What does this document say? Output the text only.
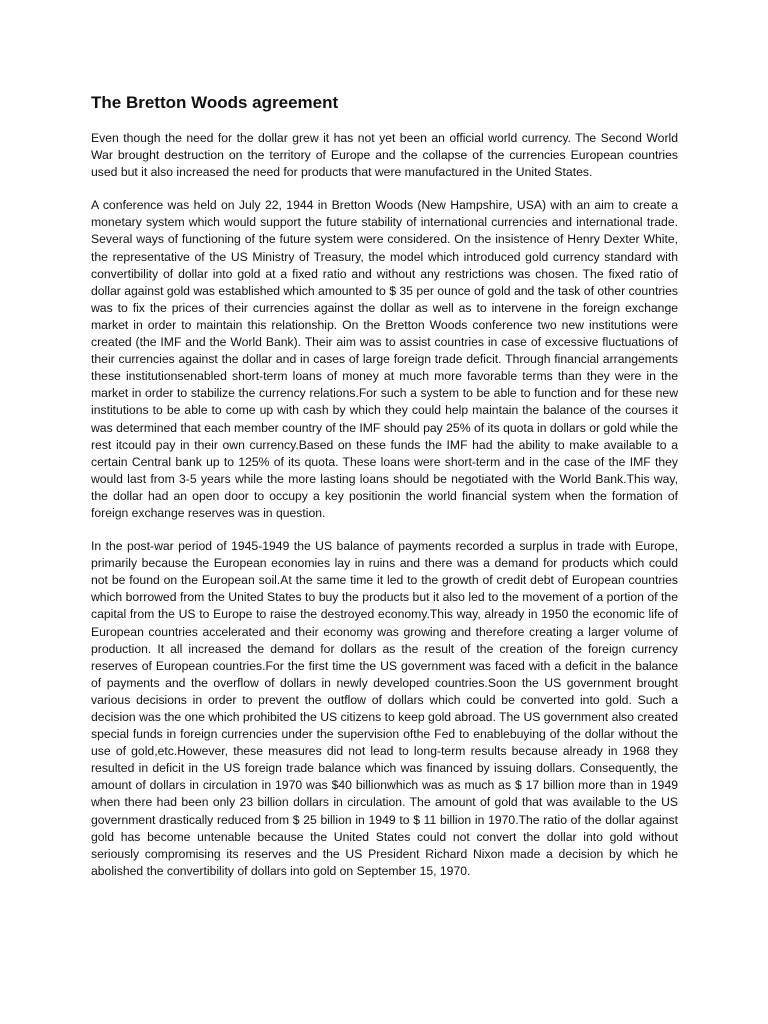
The Bretton Woods agreement

Even though the need for the dollar grew it has not yet been an official world currency. The Second World War brought destruction on the territory of Europe and the collapse of the currencies European countries used but it also increased the need for products that were manufactured in the United States.

A conference was held on July 22, 1944 in Bretton Woods (New Hampshire, USA) with an aim to create a monetary system which would support the future stability of international currencies and international trade. Several ways of functioning of the future system were considered. On the insistence of Henry Dexter White, the representative of the US Ministry of Treasury, the model which introduced gold currency standard with convertibility of dollar into gold at a fixed ratio and without any restrictions was chosen. The fixed ratio of dollar against gold was established which amounted to $ 35 per ounce of gold and the task of other countries was to fix the prices of their currencies against the dollar as well as to intervene in the foreign exchange market in order to maintain this relationship. On the Bretton Woods conference two new institutions were created (the IMF and the World Bank). Their aim was to assist countries in case of excessive fluctuations of their currencies against the dollar and in cases of large foreign trade deficit. Through financial arrangements these institutionsenabled short-term loans of money at much more favorable terms than they were in the market in order to stabilize the currency relations.For such a system to be able to function and for these new institutions to be able to come up with cash by which they could help maintain the balance of the courses it was determined that each member country of the IMF should pay 25% of its quota in dollars or gold while the rest itcould pay in their own currency.Based on these funds the IMF had the ability to make available to a certain Central bank up to 125% of its quota. These loans were short-term and in the case of the IMF they would last from 3-5 years while the more lasting loans should be negotiated with the World Bank.This way, the dollar had an open door to occupy a key positionin the world financial system when the formation of foreign exchange reserves was in question.

In the post-war period of 1945-1949 the US balance of payments recorded a surplus in trade with Europe, primarily because the European economies lay in ruins and there was a demand for products which could not be found on the European soil.At the same time it led to the growth of credit debt of European countries which borrowed from the United States to buy the products but it also led to the movement of a portion of the capital from the US to Europe to raise the destroyed economy.This way, already in 1950 the economic life of European countries accelerated and their economy was growing and therefore creating a larger volume of production. It all increased the demand for dollars as the result of the creation of the foreign currency reserves of European countries.For the first time the US government was faced with a deficit in the balance of payments and the overflow of dollars in newly developed countries.Soon the US government brought various decisions in order to prevent the outflow of dollars which could be converted into gold. Such a decision was the one which prohibited the US citizens to keep gold abroad. The US government also created special funds in foreign currencies under the supervision ofthe Fed to enablebuying of the dollar without the use of gold,etc.However, these measures did not lead to long-term results because already in 1968 they resulted in deficit in the US foreign trade balance which was financed by issuing dollars. Consequently, the amount of dollars in circulation in 1970 was $40 billionwhich was as much as $ 17 billion more than in 1949 when there had been only 23 billion dollars in circulation. The amount of gold that was available to the US government drastically reduced from $ 25 billion in 1949 to $ 11 billion in 1970.The ratio of the dollar against gold has become untenable because the United States could not convert the dollar into gold without seriously compromising its reserves and the US President Richard Nixon made a decision by which he abolished the convertibility of dollars into gold on September 15, 1970.
